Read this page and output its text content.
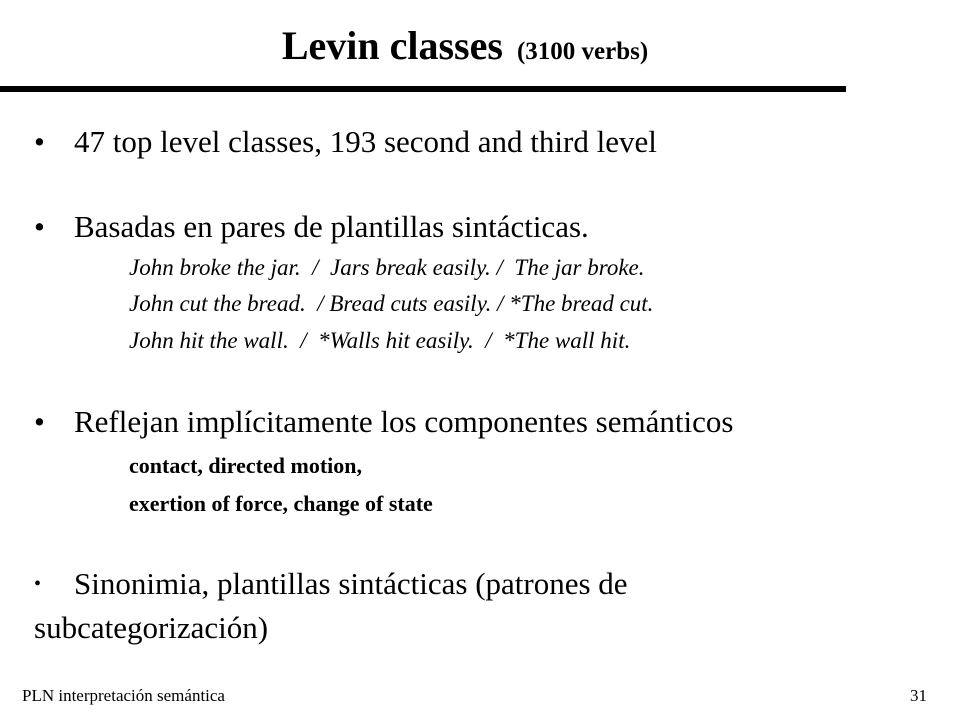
Levin classes (3100 verbs)
• 47 top level classes, 193 second and third level
• Basadas en pares de plantillas sintácticas.
John broke the jar.  /  Jars break easily. /  The jar broke.
John cut the bread.  / Bread cuts easily. / *The bread cut.
John hit the wall.  /  *Walls hit easily.  /  *The wall hit.
• Reflejan implícitamente los componentes semánticos
contact, directed motion,
exertion of force, change of state
• Sinonimia, plantillas sintácticas (patrones de
subcategorización)
PLN interpretación semántica	31
